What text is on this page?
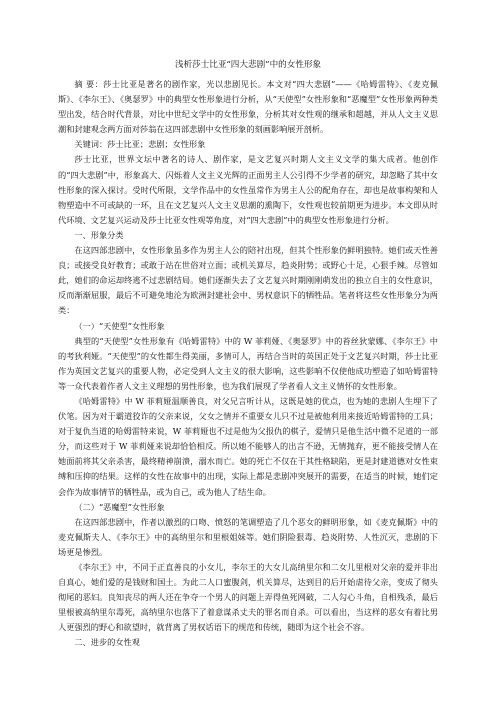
浅析莎士比亚“四大悲剧”中的女性形象

摘 要：莎士比亚是著名的剧作家，光以悲剧见长。本文对“四大悲剧”——《哈姆雷特》、《麦克佩斯》、《李尔王》、《奥瑟罗》中的典型女性形象进行分析，从“天使型”女性形象和“恶魔型”女性形象两种类型出发，结合时代背景，对比中世纪文学中的女性形象，分析其对女性观的继承和超越，并从人文主义思潮和封建观念两方面对莎翁在这四部悲剧中女性形象的刻画影响展开剖析。

关键词：莎士比亚；悲剧；女性形象

莎士比亚，世界文坛中著名的诗人、剧作家，是文艺复兴时期人文主义文学的集大成者。他创作的“四大悲剧”中，形象高大、闪烁着人文主义光辉的正面男主人公引得不少学者的研究，却忽略了其中女性形象的深入探讨。受时代所限，文学作品中的女性虽常作为男主人公的配角存在，却也是故事构架和人物塑造中不可或缺的一环，且在文艺复兴人文主义思潮的熏陶下，女性观也较前期更为进步。本文即从时代环境、文艺复兴运动及莎士比亚女性观等角度，对“四大悲剧”中的典型女性形象进行分析。

一、形象分类

在这四部悲剧中，女性形象虽多作为男主人公的陪衬出现，但其个性形象仍鲜明独特。她们或天性善良；或接受良好教育；或敢于站在世俗对立面；或机关算尽，趋炎附势；或野心十足，心狠手辣。尽管如此，她们的命运却终逃不过悲剧结局。她们逐渐失去了文艺复兴时期刚刚萌发出的独立自主的女性意识，反而渐渐屈服，最后不可避免地沦为欧洲封建社会中、男权意识下的牺牲品。笔者将这些女性形象分为两类：

（一）“天使型”女性形象

典型的“天使型”女性形象有《哈姆雷特》中的 W 菲莉娅、《奥瑟罗》中的苔丝狄蒙娜、《李尔王》中的考狄利娅。“天使型”的女性都生得美丽，多情可人，再结合当时的英国正处于文艺复兴时期，莎士比亚作为英国文艺复兴的重要人物，必定受到人文主义的很大影响，这些影响不仅使他成功塑造了如哈姆雷特等一众代表着作者人文主义理想的男性形象，也为我们展现了学者看人文主义情怀的女性形象。

《哈姆雷特》中 W 菲莉娅温顺善良，对父兄言听计从，这既是她的优点，也为她的悲剧人生埋下了伏笔。因为对于霸道狡诈的父亲来说，父女之情并不重要女儿只不过是被他利用来接近哈姆雷特的工具；对于复仇当道的哈姆雷特来说，W 菲莉娅也不过是他为父报仇的棋子，爱情只是他生活中微不足道的一部分，而这些对于 W 菲莉娅来说却恰恰相反。所以她不能够人的出言不逊，无情抛弃，更不能接受情人在她面前将其父亲杀害，最终精神崩溃，溺水而亡。她的死亡不仅在于其性格缺陷，更是封建道德对女性束缚和压抑的结果。这样的女性在故事中的出现，实际上都是悲剧冲突展开的需要，在适当的时候，她们定会作为故事情节的牺牲品，或为自己，或为他人了结生命。

（二）“恶魔型”女性形象

在这四部悲剧中，作者以激烈的口吻、愤怒的笔调塑造了几个恶女的鲜明形象，如《麦克佩斯》中的麦克佩斯夫人、《李尔王》中的高纳里尔和里根姐妹等。她们阴险狠毒、趋炎附势、人性沉灭，悲剧的下场更是惨烈。

《李尔王》中，不同于正直善良的小女儿，李尔王的大女儿高纳里尔和二女儿里根对父亲的爱并非出自真心，她们爱的是钱财和国土。为此二人口蜜腹剑，机关算尽，达到目的后开始虐待父亲，变成了彻头彻尾的恶妇。良知丧尽的两人还在争夺一个男人的问题上弄得鱼死网破，二人勾心斗角，自相残杀，最后里根被高纳里尔毒死，高纳里尔也落下了着意谋杀丈夫的罪名而自杀。可以看出，当这样的恶女有着比男人更强烈的野心和欲望时，就背离了男权话语下的规范和传统，随即为这个社会不容。

二、进步的女性观
